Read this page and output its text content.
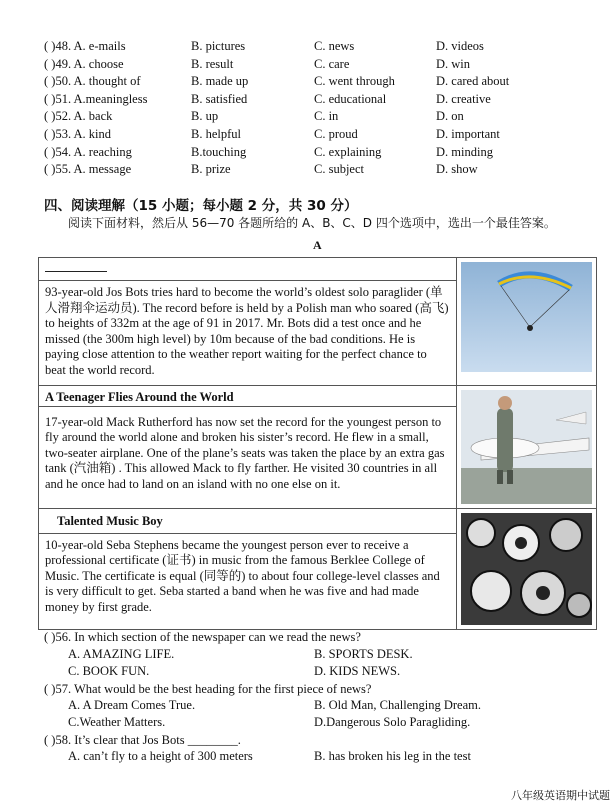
( )48. A. e-mails	B. pictures	C. news	D. videos
( )49. A. choose	B. result	C. care	D. win
( )50. A. thought of	B. made up	C. went through	D. cared about
( )51. A.meaningless	B. satisfied	C. educational	D. creative
( )52. A. back	B. up	C. in	D. on
( )53. A. kind	B. helpful	C. proud	D. important
( )54. A. reaching	B.touching	C. explaining	D. minding
( )55. A. message	B. prize	C. subject	D. show
四、阅读理解（15 小题；每小题 2 分，共 30 分）
阅读下面材料，然后从 56—70 各题所给的 A、B、C、D 四个选项中，选出一个最佳答案。
A
93-year-old Jos Bots tries hard to become the world’s oldest solo paraglider (单人滑翔伞运动员). The record before is held by a Polish man who soared (高飞) to heights of 332m at the age of 91 in 2017. Mr. Bots did a test once and he missed (the 300m high level) by 10m because of the bad conditions. He is paying close attention to the weather report waiting for the perfect chance to beat the world record.

A Teenager Flies Around the World
17-year-old Mack Rutherford has now set the record for the youngest person to fly around the world alone and broken his sister’s record. He flew in a small, two-seater airplane. One of the plane’s seats was taken the place by an extra gas tank (汽油箱) . This allowed Mack to fly farther. He visited 30 countries in all and he once had to land on an island with no one else on it.

Talented Music Boy
10-year-old Seba Stephens became the youngest person ever to receive a professional certificate (证书) in music from the famous Berklee College of Music. The certificate is equal (同等的) to about four college-level classes and is very difficult to get. Seba started a band when he was five and had made money by first grade.

( )56. In which section of the newspaper can we read the news?
A. AMAZING LIFE.	B. SPORTS DESK.
C. BOOK FUN.	D. KIDS NEWS.
( )57. What would be the best heading for the first piece of news?
A. A Dream Comes True.	B. Old Man, Challenging Dream.
C.Weather Matters.	D.Dangerous Solo Paragliding.
( )58. It’s clear that Jos Bots ________.
A. can’t fly to a height of 300 meters	B. has broken his leg in the test
八年级英语期中试题
